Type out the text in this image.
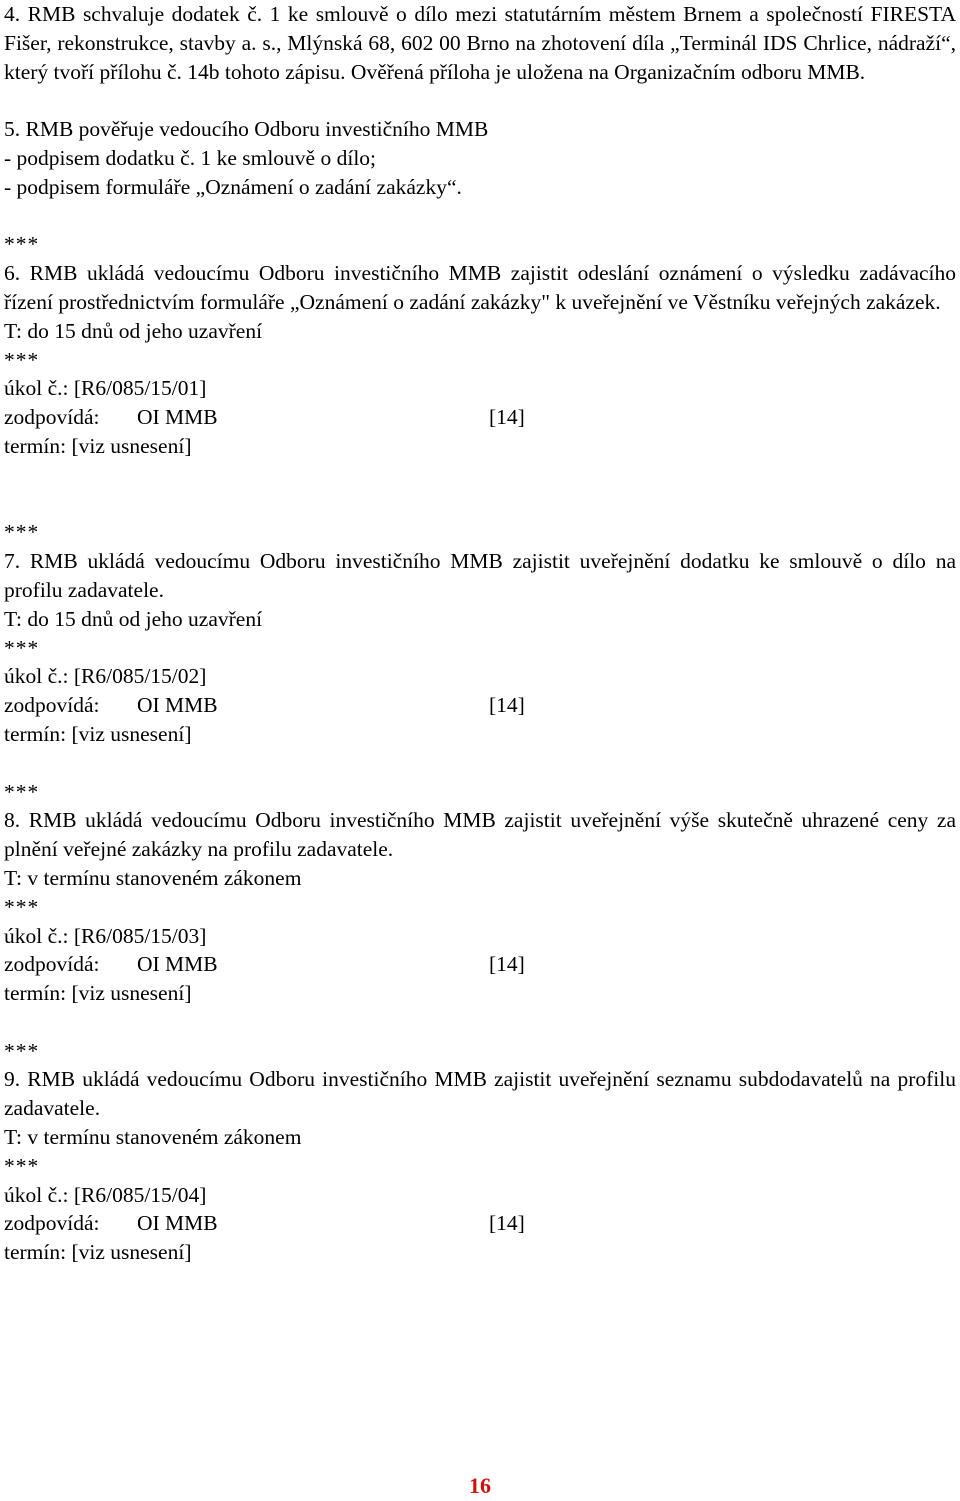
4. RMB schvaluje dodatek č. 1 ke smlouvě o dílo mezi statutárním městem Brnem a společností FIRESTA Fišer, rekonstrukce, stavby a. s., Mlýnská 68, 602 00 Brno na zhotovení díla „Terminál IDS Chrlice, nádraží“, který tvoří přílohu č. 14b tohoto zápisu. Ověřená příloha je uložena na Organizačním odboru MMB.

5. RMB pověřuje vedoucího Odboru investičního MMB

- podpisem dodatku č. 1 ke smlouvě o dílo;

- podpisem formuláře „Oznámení o zadání zakázky“.

***

6. RMB ukládá vedoucímu Odboru investičního MMB zajistit odeslání oznámení o výsledku zadávacího řízení prostřednictvím formuláře „Oznámení o zadání zakázky" k uveřejnění ve Věstníku veřejných zakázek.

T: do 15 dnů od jeho uzavření

***

úkol č.: [R6/085/15/01]

zodpovídá: OI MMB	[14]

termín: [viz usnesení]

***

7. RMB ukládá vedoucímu Odboru investičního MMB zajistit uveřejnění dodatku ke smlouvě o dílo na profilu zadavatele.

T: do 15 dnů od jeho uzavření

***

úkol č.: [R6/085/15/02]

zodpovídá: OI MMB	[14]

termín: [viz usnesení]

***

8. RMB ukládá vedoucímu Odboru investičního MMB zajistit uveřejnění výše skutečně uhrazené ceny za plnění veřejné zakázky na profilu zadavatele.

T: v termínu stanoveném zákonem

***

úkol č.: [R6/085/15/03]

zodpovídá: OI MMB	[14]

termín: [viz usnesení]

***

9. RMB ukládá vedoucímu Odboru investičního MMB zajistit uveřejnění seznamu subdodavatelů na profilu zadavatele.

T: v termínu stanoveném zákonem

***

úkol č.: [R6/085/15/04]

zodpovídá: OI MMB	[14]

termín: [viz usnesení]

16
